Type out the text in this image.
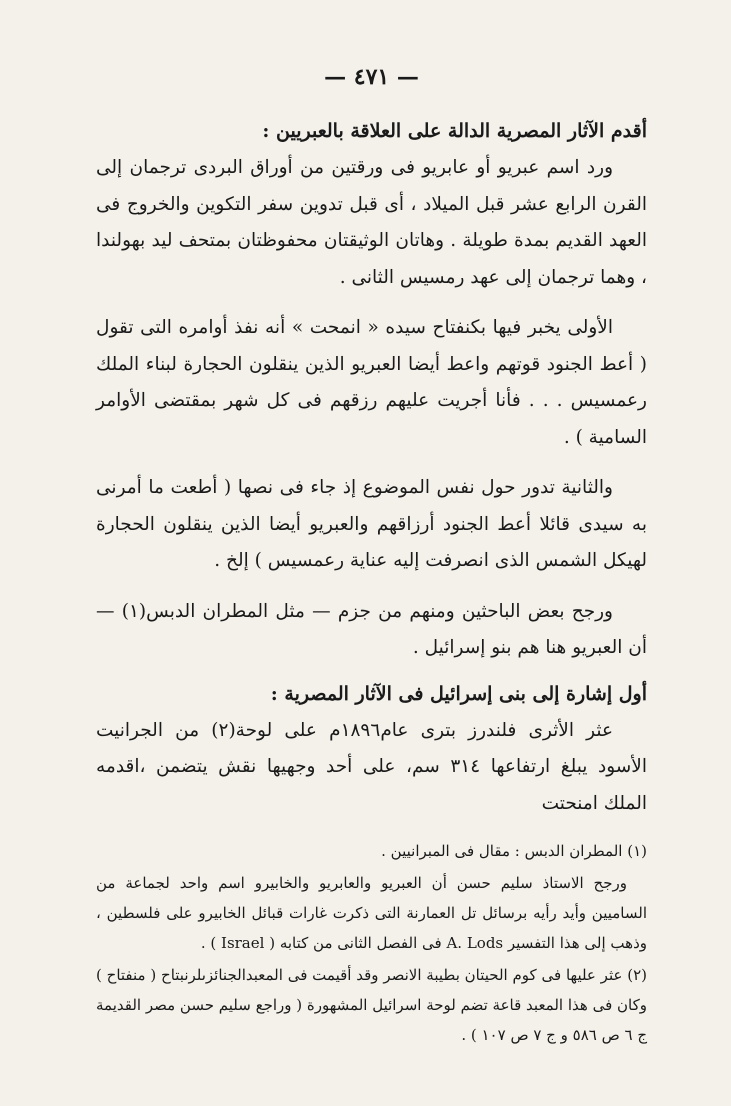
— ٤٧١ —
أقدم الآثار المصرية الدالة على العلاقة بالعبريين :

ورد اسم عبريو أو عابريو فى ورقتين من أوراق البردى ترجمان إلى القرن الرابع عشر قبل الميلاد ، أى قبل تدوين سفر التكوين والخروج فى العهد القديم بمدة طويلة . وهاتان الوثيقتان محفوظتان بمتحف ليد بهولندا ، وهما ترجمان إلى عهد رمسيس الثانى .

الأولى يخبر فيها بكنفتاح سيده « انمحت » أنه نفذ أوامره التى تقول ( أعط الجنود قوتهم واعط أيضا العبريو الذين ينقلون الحجارة لبناء الملك رعمسيس . . . فأنا أجريت عليهم رزقهم فى كل شهر بمقتضى الأوامر السامية ) .

والثانية تدور حول نفس الموضوع إذ جاء فى نصها ( أطعت ما أمرنى به سيدى قائلا أعط الجنود أرزاقهم والعبريو أيضا الذين ينقلون الحجارة لهيكل الشمس الذى انصرفت إليه عناية رعمسيس ) إلخ .

ورجح بعض الباحثين ومنهم من جزم — مثل المطران الدبس(١) — أن العبريو هنا هم بنو إسرائيل .

أول إشارة إلى بنى إسرائيل فى الآثار المصرية :

عثر الأثرى فلندرز بترى عام١٨٩٦م على لوحة(٢) من الجرانيت الأسود يبلغ ارتفاعها ٣١٤ سم، على أحد وجهيها نقش يتضمن ،اقدمه الملك امنحتت

(١) المطران الدبس : مقال فى المبرانيين .

ورجح الاستاذ سليم حسن أن العبريو والعابريو والخابيرو اسم واحد لجماعة من الساميين وأيد رأيه برسائل تل العمارنة التى ذكرت غارات قبائل الخابيرو على فلسطين ، وذهب إلى هذا التفسير A. Lods فى الفصل الثانى من كتابه ( Israel ) .

(٢) عثر عليها فى كوم الحيتان بطيبة الانصر وقد أقيمت فى المعبدالجنائزىلرنبتاح ( منفتاح ) وكان فى هذا المعبد قاعة تضم لوحة اسرائيل المشهورة ( وراجع سليم حسن مصر القديمة ج ٦ ص ٥٨٦ و ج ٧ ص ١٠٧ ) .
